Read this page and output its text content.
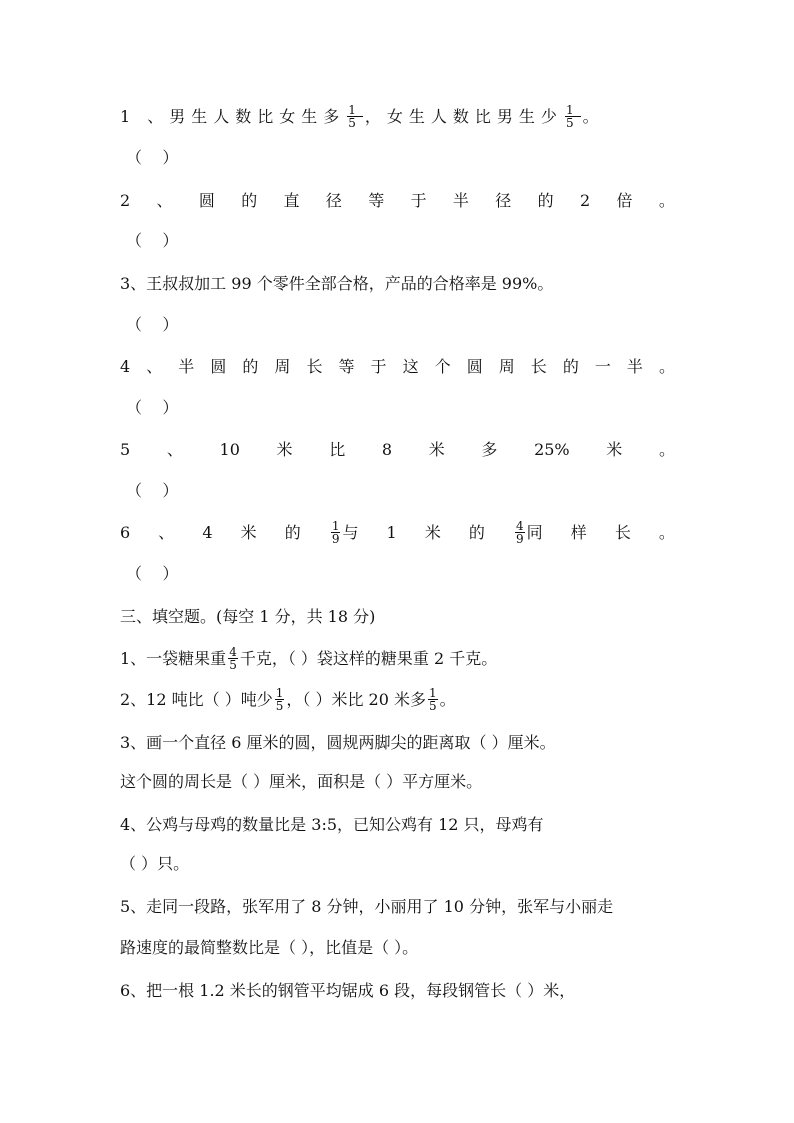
1 、男生人数比女生多 $\frac{1}{5}$ ，女生人数比男生少 $\frac{1}{5}$ 。
（    ）
2 、 圆 的 直 径 等 于 半 径 的 2 倍 。
（    ）
3、王叔叔加工 99 个零件全部合格，产品的合格率是 99%。
（    ）
4 、 半 圆 的 周 长 等 于 这 个 圆 周 长 的 一 半 。
（    ）
5 、 10 米 比 8 米 多 25% 米 。
（    ）
6 、 4 米 的	$\frac{1}{9}$ 与 1 米 的	$\frac{4}{9}$ 同 样 长 。
（    ）
三、填空题。(每空 1 分，共 18 分)
1、一袋糖果重 $\frac{4}{5}$ 千克，（ ）袋这样的糖果重 2 千克。
2、12 吨比（ ）吨少 $\frac{1}{5}$ ，（ ）米比 20 米多 $\frac{1}{5}$ 。
3、画一个直径 6 厘米的圆，圆规两脚尖的距离取（ ）厘米。
这个圆的周长是（ ）厘米，面积是（ ）平方厘米。
4、公鸡与母鸡的数量比是 3:5，已知公鸡有 12 只，母鸡有
（ ）只。
5、走同一段路，张军用了 8 分钟，小丽用了 10 分钟，张军与小丽走
路速度的最简整数比是（ ），比值是（ ）。
6、把一根 1.2 米长的钢管平均锯成 6 段，每段钢管长（ ）米，
